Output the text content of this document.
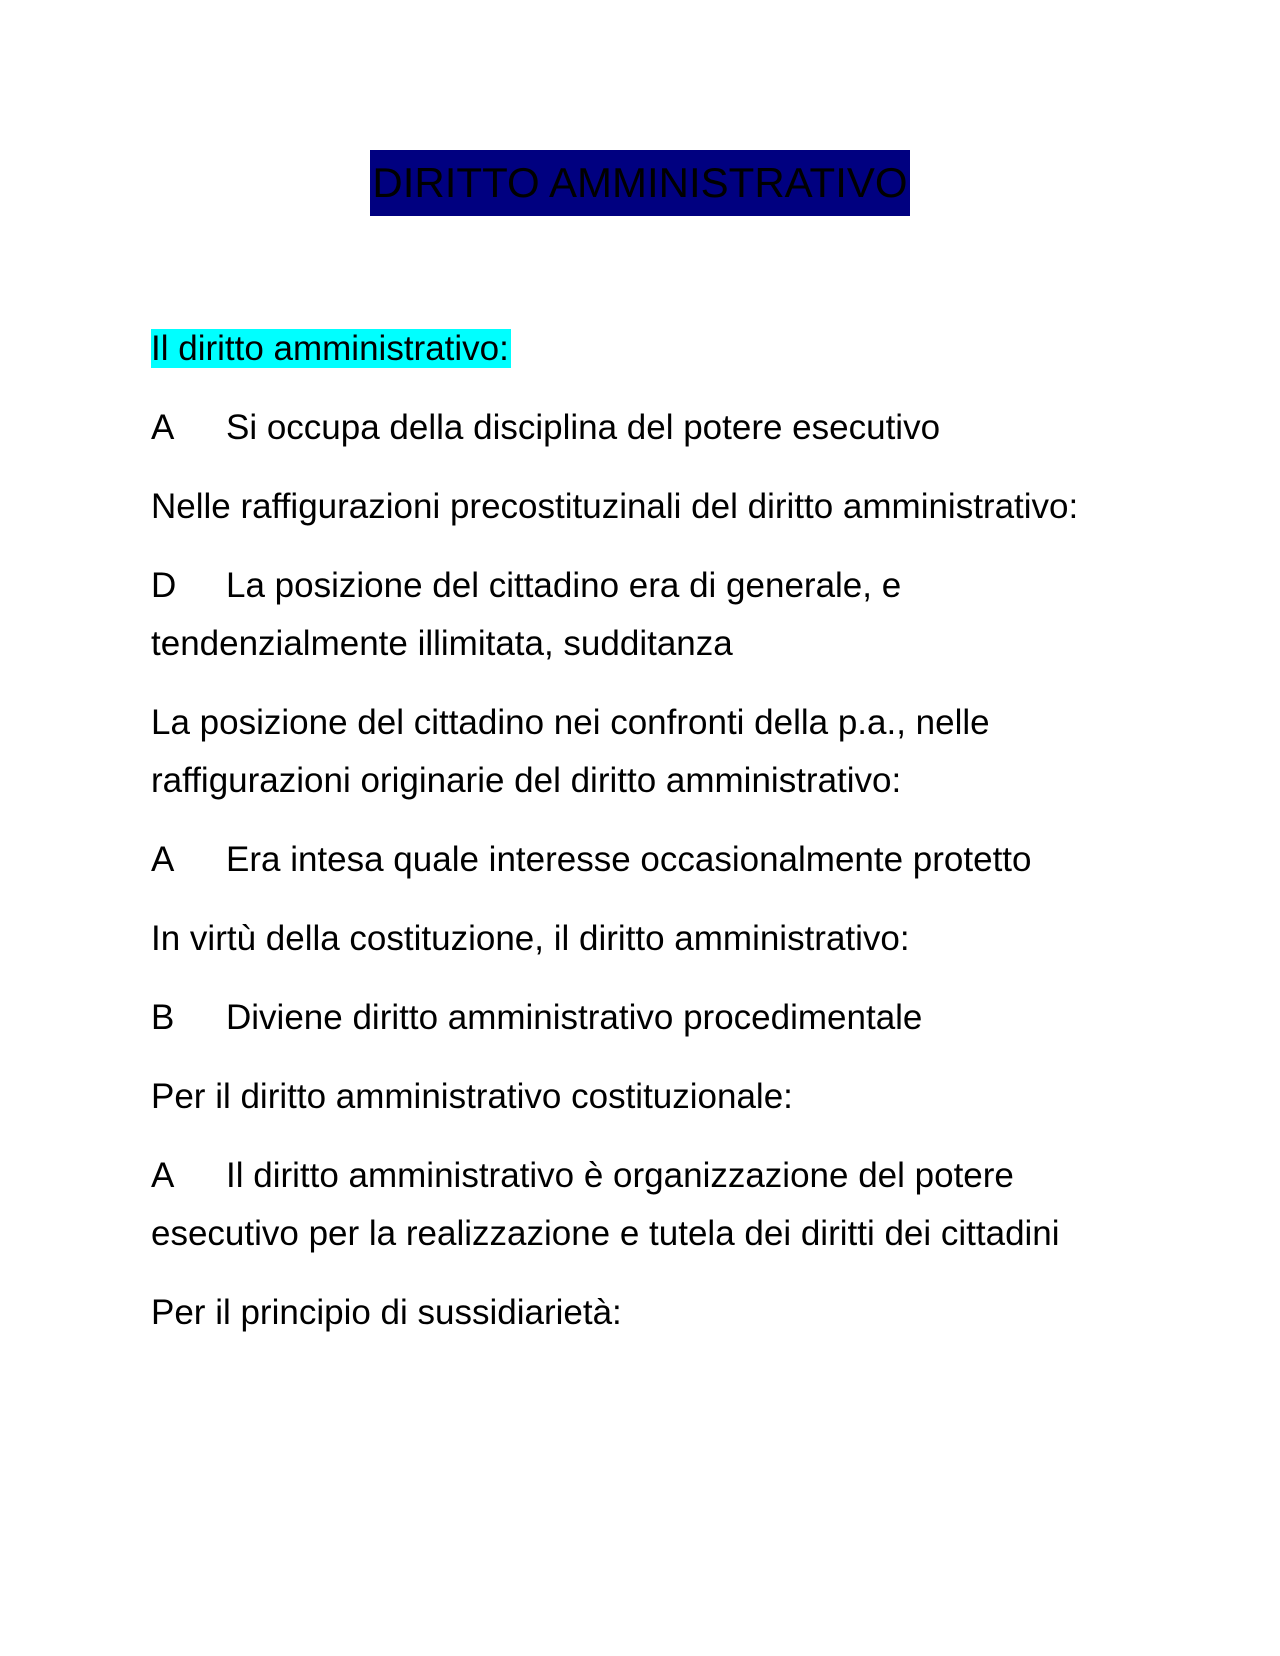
DIRITTO AMMINISTRATIVO

Il diritto amministrativo:

A Si occupa della disciplina del potere esecutivo

Nelle raffigurazioni precostituzinali del diritto amministrativo:

D La posizione del cittadino era di generale, e tendenzialmente illimitata, sudditanza

La posizione del cittadino nei confronti della p.a., nelle raffigurazioni originarie del diritto amministrativo:

A Era intesa quale interesse occasionalmente protetto

In virtù della costituzione, il diritto amministrativo:

B Diviene diritto amministrativo procedimentale

Per il diritto amministrativo costituzionale:

A Il diritto amministrativo è organizzazione del potere esecutivo per la realizzazione e tutela dei diritti dei cittadini

Per il principio di sussidiarietà:
